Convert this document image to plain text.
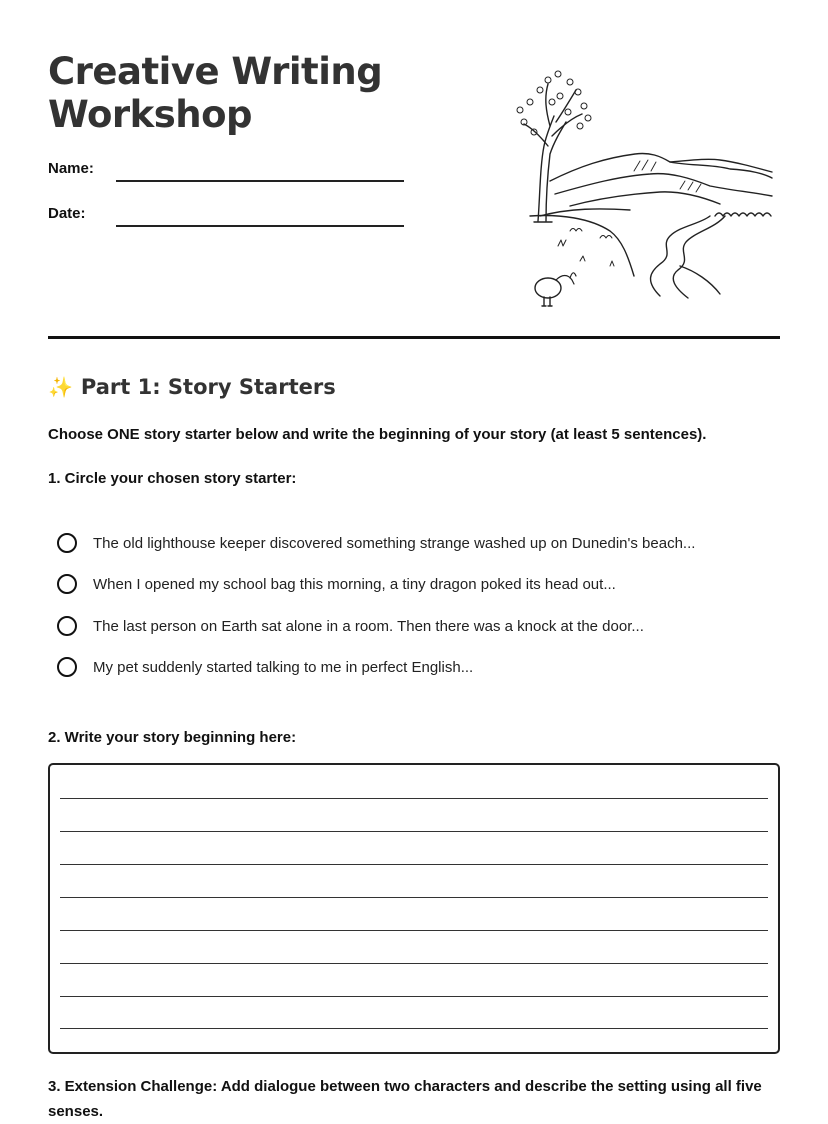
Creative Writing Workshop
Name:
Date:
✨ Part 1: Story Starters
Choose ONE story starter below and write the beginning of your story (at least 5 sentences).
1. Circle your chosen story starter:
The old lighthouse keeper discovered something strange washed up on Dunedin's beach...
When I opened my school bag this morning, a tiny dragon poked its head out...
The last person on Earth sat alone in a room. Then there was a knock at the door...
My pet suddenly started talking to me in perfect English...
2. Write your story beginning here:
3. Extension Challenge: Add dialogue between two characters and describe the setting using all five senses.
